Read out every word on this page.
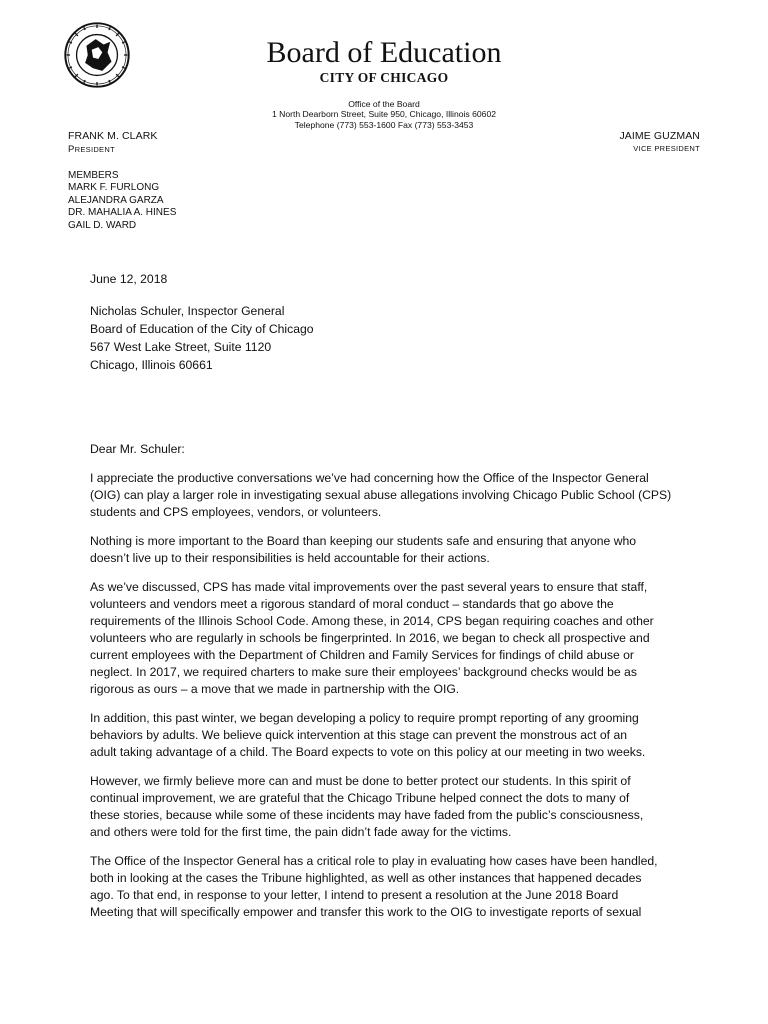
Board of Education
CITY OF CHICAGO
Office of the Board
1 North Dearborn Street, Suite 950, Chicago, Illinois 60602
Telephone (773) 553-1600 Fax (773) 553-3453
FRANK M. CLARK
PRESIDENT
JAIME GUZMAN
VICE PRESIDENT
MEMBERS
MARK F. FURLONG
ALEJANDRA GARZA
DR. MAHALIA A. HINES
GAIL D. WARD
June 12, 2018
Nicholas Schuler, Inspector General
Board of Education of the City of Chicago
567 West Lake Street, Suite 1120
Chicago, Illinois 60661
Dear Mr. Schuler:

I appreciate the productive conversations we’ve had concerning how the Office of the Inspector General
(OIG) can play a larger role in investigating sexual abuse allegations involving Chicago Public School (CPS)
students and CPS employees, vendors, or volunteers.

Nothing is more important to the Board than keeping our students safe and ensuring that anyone who
doesn’t live up to their responsibilities is held accountable for their actions.

As we’ve discussed, CPS has made vital improvements over the past several years to ensure that staff,
volunteers and vendors meet a rigorous standard of moral conduct – standards that go above the
requirements of the Illinois School Code. Among these, in 2014, CPS began requiring coaches and other
volunteers who are regularly in schools be fingerprinted. In 2016, we began to check all prospective and
current employees with the Department of Children and Family Services for findings of child abuse or
neglect. In 2017, we required charters to make sure their employees’ background checks would be as
rigorous as ours – a move that we made in partnership with the OIG.

In addition, this past winter, we began developing a policy to require prompt reporting of any grooming
behaviors by adults. We believe quick intervention at this stage can prevent the monstrous act of an
adult taking advantage of a child. The Board expects to vote on this policy at our meeting in two weeks.

However, we firmly believe more can and must be done to better protect our students. In this spirit of
continual improvement, we are grateful that the Chicago Tribune helped connect the dots to many of
these stories, because while some of these incidents may have faded from the public’s consciousness,
and others were told for the first time, the pain didn’t fade away for the victims.

The Office of the Inspector General has a critical role to play in evaluating how cases have been handled,
both in looking at the cases the Tribune highlighted, as well as other instances that happened decades
ago. To that end, in response to your letter, I intend to present a resolution at the June 2018 Board
Meeting that will specifically empower and transfer this work to the OIG to investigate reports of sexual
